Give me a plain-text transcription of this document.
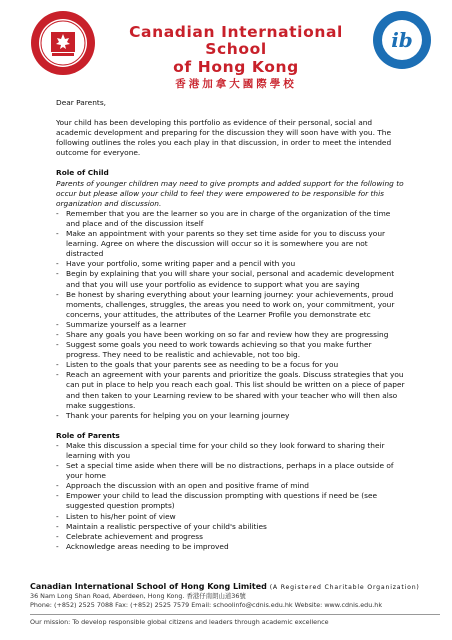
Canadian International School
of Hong Kong
香港加拿大國際學校
ib

Dear Parents,

Your child has been developing this portfolio as evidence of their personal, social and academic development and preparing for the discussion they will soon have with you. The following outlines the roles you each play in that discussion, in order to meet the intended outcome for everyone.

Role of Child

Parents of younger children may need to give prompts and added support for the following to occur but please allow your child to feel they were empowered to be responsible for this organization and discussion.

- Remember that you are the learner so you are in charge of the organization of the time and place and of the discussion itself
- Make an appointment with your parents so they set time aside for you to discuss your learning. Agree on where the discussion will occur so it is somewhere you are not distracted
- Have your portfolio, some writing paper and a pencil with you
- Begin by explaining that you will share your social, personal and academic development and that you will use your portfolio as evidence to support what you are saying
- Be honest by sharing everything about your learning journey: your achievements, proud moments, challenges, struggles, the areas you need to work on, your commitment, your concerns, your attitudes, the attributes of the Learner Profile you demonstrate etc
- Summarize yourself as a learner
- Share any goals you have been working on so far and review how they are progressing
- Suggest some goals you need to work towards achieving so that you make further progress. They need to be realistic and achievable, not too big.
- Listen to the goals that your parents see as needing to be a focus for you
- Reach an agreement with your parents and prioritize the goals. Discuss strategies that you can put in place to help you reach each goal. This list should be written on a piece of paper and then taken to your Learning review to be shared with your teacher who will then also make suggestions.
- Thank your parents for helping you on your learning journey

Role of Parents

- Make this discussion a special time for your child so they look forward to sharing their learning with you
- Set a special time aside when there will be no distractions, perhaps in a place outside of your home
- Approach the discussion with an open and positive frame of mind
- Empower your child to lead the discussion prompting with questions if need be (see suggested question prompts)
- Listen to his/her point of view
- Maintain a realistic perspective of your child's abilities
- Celebrate achievement and progress
- Acknowledge areas needing to be improved
Canadian International School of Hong Kong Limited (A Registered Charitable Organization)
36 Nam Long Shan Road, Aberdeen, Hong Kong. 香港仔南朗山道36號
Phone: (+852) 2525 7088 Fax: (+852) 2525 7579 Email: schoolinfo@cdnis.edu.hk Website: www.cdnis.edu.hk
Our mission: To develop responsible global citizens and leaders through academic excellence
